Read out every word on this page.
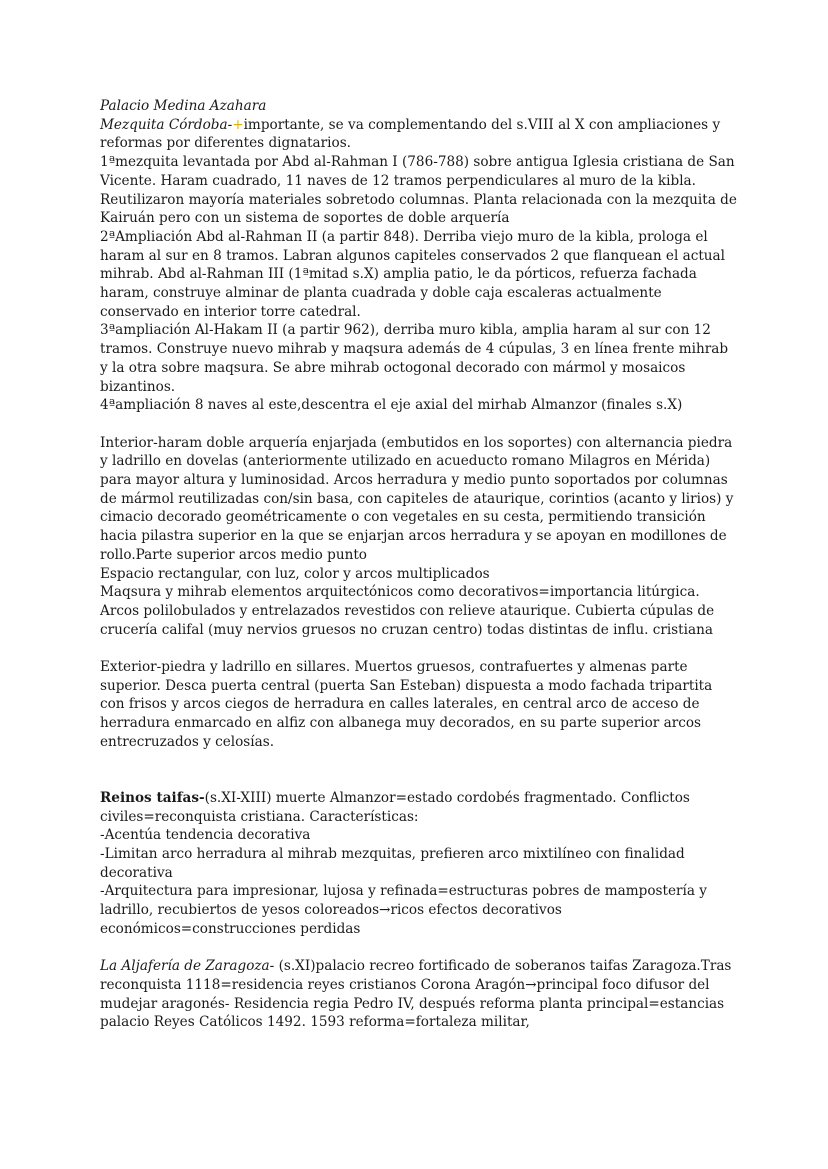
Palacio Medina Azahara

Mezquita Córdoba-+importante, se va complementando del s.VIII al X con ampliaciones y reformas por diferentes dignatarios.

1ªmezquita levantada por Abd al-Rahman I (786-788) sobre antigua Iglesia cristiana de San Vicente. Haram cuadrado, 11 naves de 12 tramos perpendiculares al muro de la kibla. Reutilizaron mayoría materiales sobretodo columnas. Planta relacionada con la mezquita de Kairuán pero con un sistema de soportes de doble arquería

2ªAmpliación Abd al-Rahman II (a partir 848). Derriba viejo muro de la kibla, prologa el haram al sur en 8 tramos. Labran algunos capiteles conservados 2 que flanquean el actual mihrab. Abd al-Rahman III (1ªmitad s.X) amplia patio, le da pórticos, refuerza fachada haram, construye alminar de planta cuadrada y doble caja escaleras actualmente conservado en interior torre catedral.

3ªampliación Al-Hakam II (a partir 962), derriba muro kibla, amplia haram al sur con 12 tramos. Construye nuevo mihrab y maqsura además de 4 cúpulas, 3 en línea frente mihrab y la otra sobre maqsura. Se abre mihrab octogonal decorado con mármol y mosaicos bizantinos.

4ªampliación 8 naves al este,descentra el eje axial del mirhab Almanzor (finales s.X)

Interior-haram doble arquería enjarjada (embutidos en los soportes) con alternancia piedra y ladrillo en dovelas (anteriormente utilizado en acueducto romano Milagros en Mérida) para mayor altura y luminosidad. Arcos herradura y medio punto soportados por columnas de mármol reutilizadas con/sin basa, con capiteles de ataurique, corintios (acanto y lirios) y cimacio decorado geométricamente o con vegetales en su cesta, permitiendo transición hacia pilastra superior en la que se enjarjan arcos herradura y se apoyan en modillones de rollo.Parte superior arcos medio punto

Espacio rectangular, con luz, color y arcos multiplicados

Maqsura y mihrab elementos arquitectónicos como decorativos=importancia litúrgica. Arcos polilobulados y entrelazados revestidos con relieve ataurique. Cubierta cúpulas de crucería califal (muy nervios gruesos no cruzan centro) todas distintas de influ. cristiana

Exterior-piedra y ladrillo en sillares. Muertos gruesos, contrafuertes y almenas parte superior. Desca puerta central (puerta San Esteban) dispuesta a modo fachada tripartita con frisos y arcos ciegos de herradura en calles laterales, en central arco de acceso de herradura enmarcado en alfiz con albanega muy decorados, en su parte superior arcos entrecruzados y celosías.

Reinos taifas-(s.XI-XIII) muerte Almanzor=estado cordobés fragmentado. Conflictos civiles=reconquista cristiana. Características:

-Acentúa tendencia decorativa

-Limitan arco herradura al mihrab mezquitas, prefieren arco mixtilíneo con finalidad decorativa

-Arquitectura para impresionar, lujosa y refinada=estructuras pobres de mampostería y ladrillo, recubiertos de yesos coloreados→ricos efectos decorativos económicos=construcciones perdidas

La Aljafería de Zaragoza- (s.XI)palacio recreo fortificado de soberanos taifas Zaragoza.Tras reconquista 1118=residencia reyes cristianos Corona Aragón→principal foco difusor del mudejar aragonés- Residencia regia Pedro IV, después reforma planta principal=estancias palacio Reyes Católicos 1492. 1593 reforma=fortaleza militar,
